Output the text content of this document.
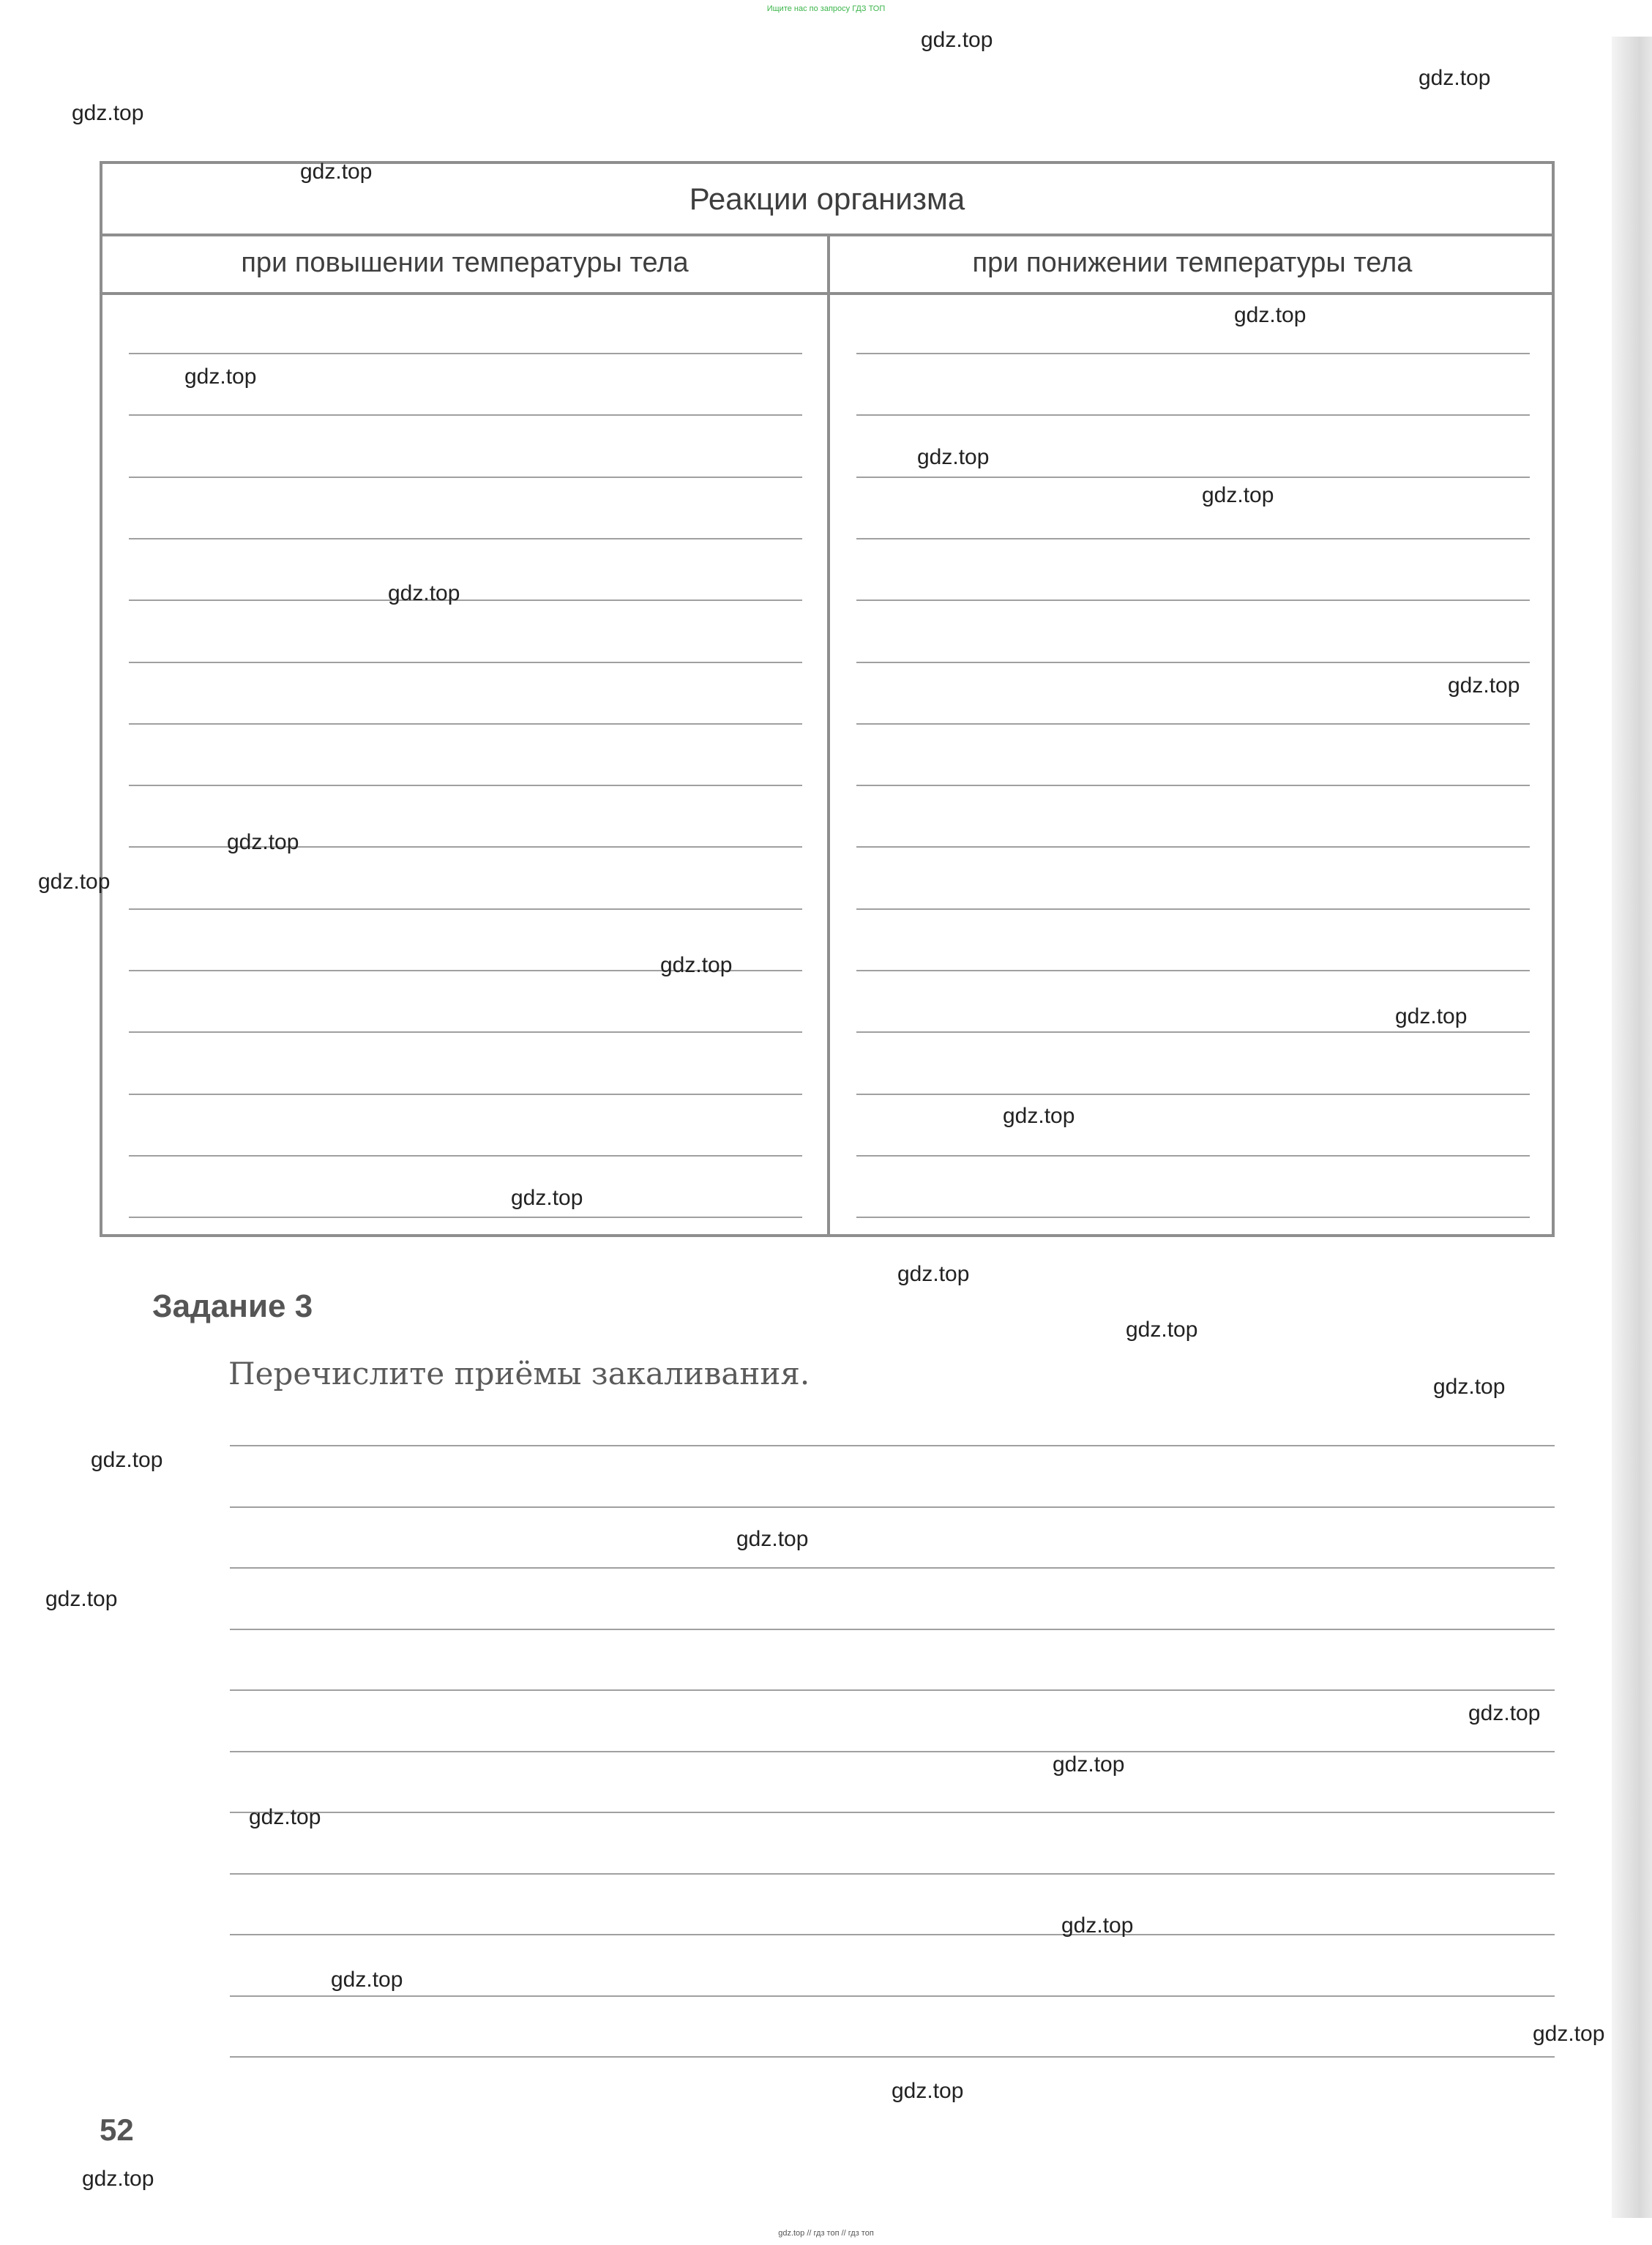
Ищите нас по запросу ГДЗ ТОП
Реакции организма
при повышении температуры тела	при понижении температуры тела
Задание 3
Перечислите приёмы закаливания.
52
gdz.top // гдз топ // гдз топ
gdz.top
gdz.top
gdz.top
gdz.top
gdz.top
gdz.top
gdz.top
gdz.top
gdz.top
gdz.top
gdz.top
gdz.top
gdz.top
gdz.top
gdz.top
gdz.top
gdz.top
gdz.top
gdz.top
gdz.top
gdz.top
gdz.top
gdz.top
gdz.top
gdz.top
gdz.top
gdz.top
gdz.top
gdz.top
gdz.top
